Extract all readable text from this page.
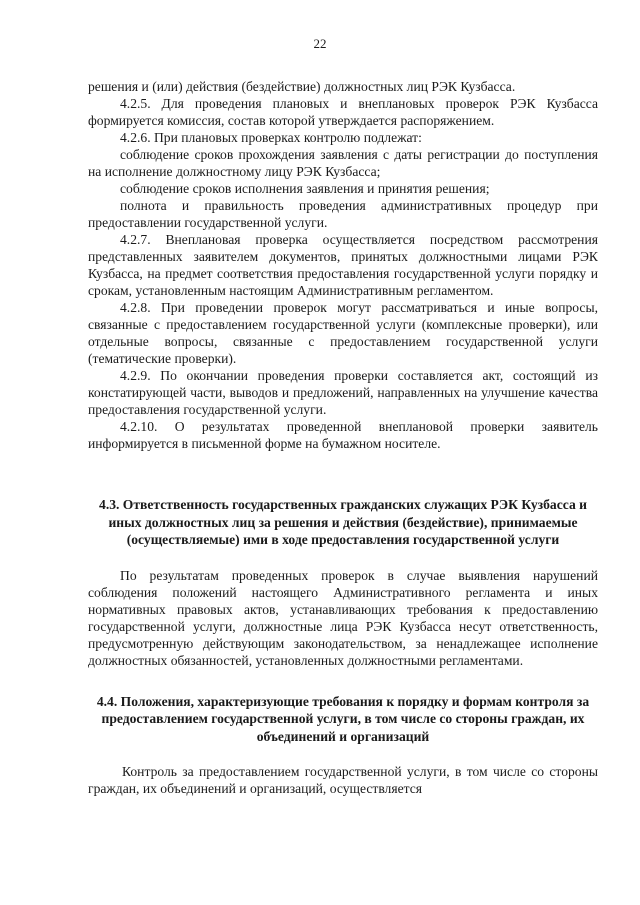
22

решения и (или) действия (бездействие) должностных лиц РЭК Кузбасса.

4.2.5. Для проведения плановых и внеплановых проверок РЭК Кузбасса формируется комиссия, состав которой утверждается распоряжением.

4.2.6. При плановых проверках контролю подлежат:

соблюдение сроков прохождения заявления с даты регистрации до поступления на исполнение должностному лицу РЭК Кузбасса;

соблюдение сроков исполнения заявления и принятия решения;

полнота и правильность проведения административных процедур при предоставлении государственной услуги.

4.2.7. Внеплановая проверка осуществляется посредством рассмотрения представленных заявителем документов, принятых должностными лицами РЭК Кузбасса, на предмет соответствия предоставления государственной услуги порядку и срокам, установленным настоящим Административным регламентом.

4.2.8. При проведении проверок могут рассматриваться и иные вопросы, связанные с предоставлением государственной услуги (комплексные проверки), или отдельные вопросы, связанные с предоставлением государственной услуги (тематические проверки).

4.2.9. По окончании проведения проверки составляется акт, состоящий из констатирующей части, выводов и предложений, направленных на улучшение качества предоставления государственной услуги.

4.2.10. О результатах проведенной внеплановой проверки заявитель информируется в письменной форме на бумажном носителе.

4.3. Ответственность государственных гражданских служащих РЭК Кузбасса и иных должностных лиц за решения и действия (бездействие), принимаемые (осуществляемые) ими в ходе предоставления государственной услуги

По результатам проведенных проверок в случае выявления нарушений соблюдения положений настоящего Административного регламента и иных нормативных правовых актов, устанавливающих требования к предоставлению государственной услуги, должностные лица РЭК Кузбасса несут ответственность, предусмотренную действующим законодательством, за ненадлежащее исполнение должностных обязанностей, установленных должностными регламентами.

4.4. Положения, характеризующие требования к порядку и формам контроля за предоставлением государственной услуги, в том числе со стороны граждан, их объединений и организаций

Контроль за предоставлением государственной услуги, в том числе со стороны граждан, их объединений и организаций, осуществляется
